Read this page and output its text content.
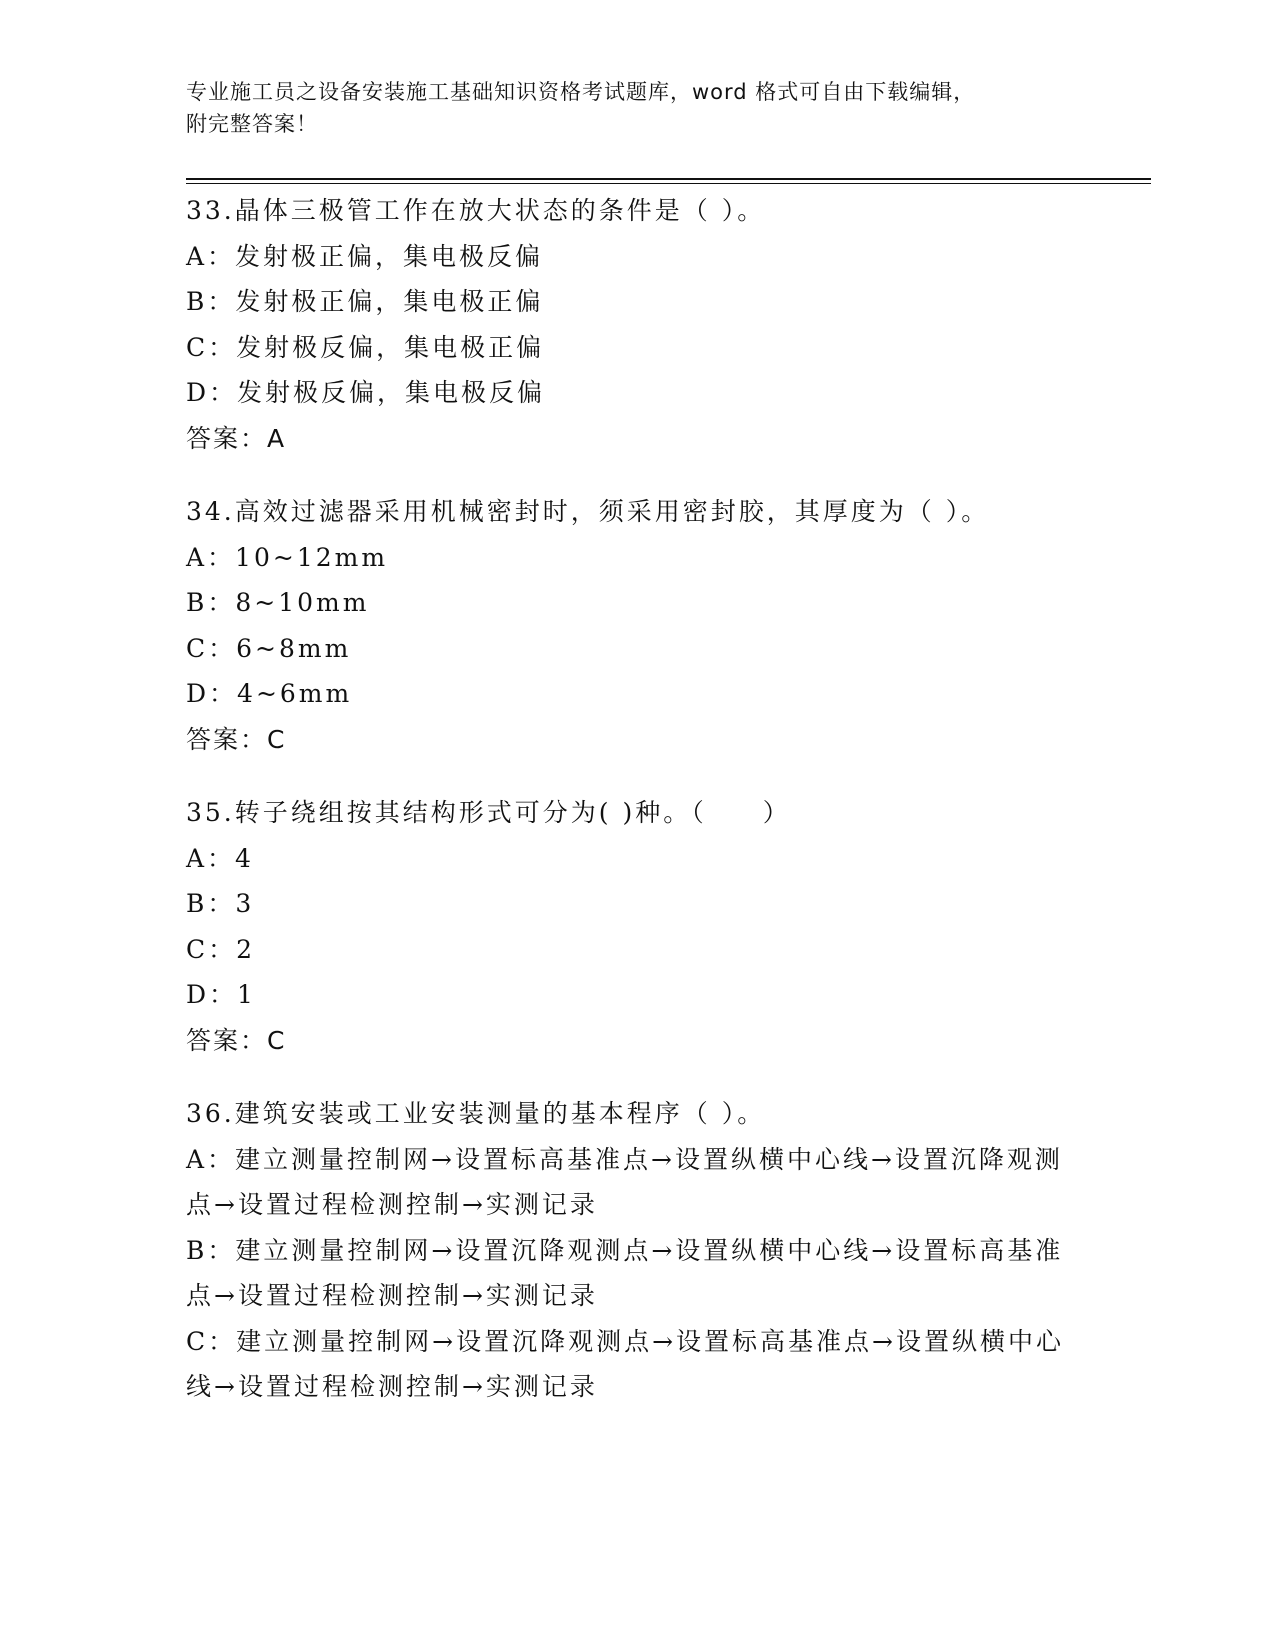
专业施工员之设备安装施工基础知识资格考试题库，word 格式可自由下载编辑，
附完整答案！
33.晶体三极管工作在放大状态的条件是（ ）。
A：发射极正偏，集电极反偏
B：发射极正偏，集电极正偏
C：发射极反偏，集电极正偏
D：发射极反偏，集电极反偏
答案：A
34.高效过滤器采用机械密封时，须采用密封胶，其厚度为（ ）。
A：10~12mm
B：8~10mm
C：6~8mm
D：4~6mm
答案：C
35.转子绕组按其结构形式可分为( )种。（　　）
A：4
B：3
C：2
D：1
答案：C
36.建筑安装或工业安装测量的基本程序（ ）。
A：建立测量控制网→设置标高基准点→设置纵横中心线→设置沉降观测点→设置过程检测控制→实测记录
B：建立测量控制网→设置沉降观测点→设置纵横中心线→设置标高基准点→设置过程检测控制→实测记录
C：建立测量控制网→设置沉降观测点→设置标高基准点→设置纵横中心线→设置过程检测控制→实测记录
